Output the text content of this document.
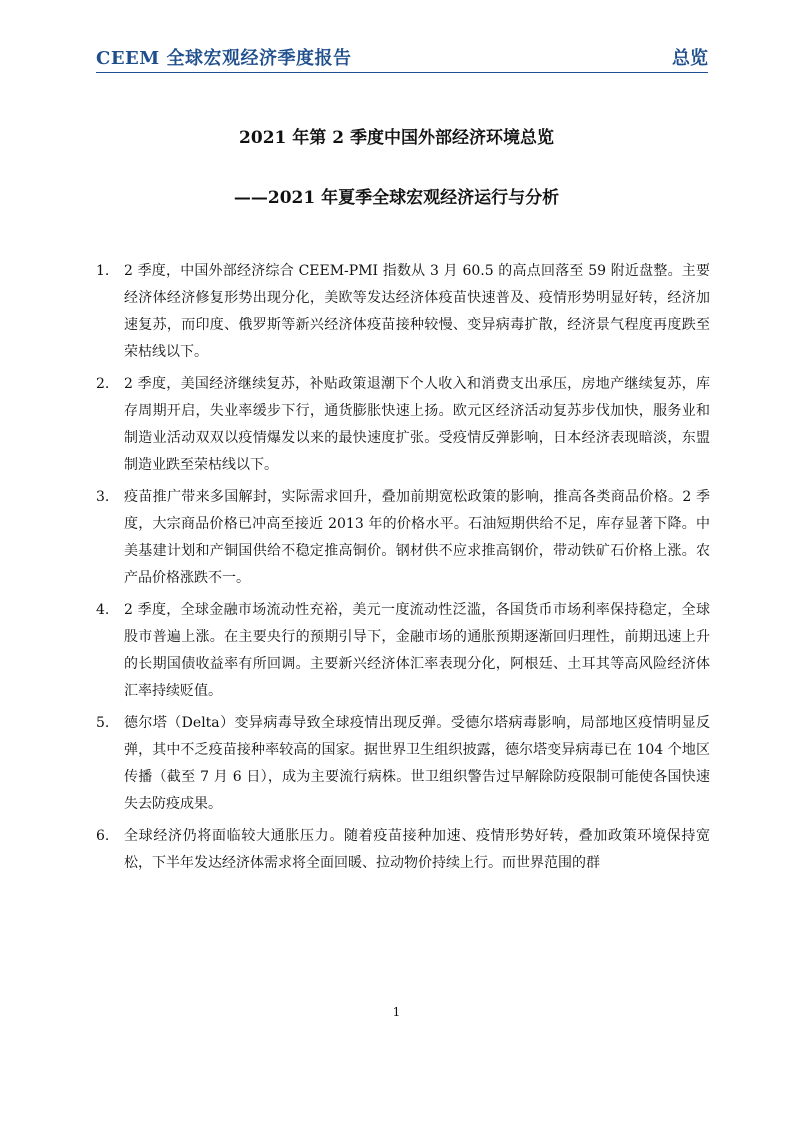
CEEM 全球宏观经济季度报告	总览
2021 年第 2 季度中国外部经济环境总览
——2021 年夏季全球宏观经济运行与分析
1. 2 季度，中国外部经济综合 CEEM-PMI 指数从 3 月 60.5 的高点回落至 59 附近盘整。主要经济体经济修复形势出现分化，美欧等发达经济体疫苗快速普及、疫情形势明显好转，经济加速复苏，而印度、俄罗斯等新兴经济体疫苗接种较慢、变异病毒扩散，经济景气程度再度跌至荣枯线以下。
2. 2 季度，美国经济继续复苏，补贴政策退潮下个人收入和消费支出承压，房地产继续复苏，库存周期开启，失业率缓步下行，通货膨胀快速上扬。欧元区经济活动复苏步伐加快，服务业和制造业活动双双以疫情爆发以来的最快速度扩张。受疫情反弹影响，日本经济表现暗淡，东盟制造业跌至荣枯线以下。
3. 疫苗推广带来多国解封，实际需求回升，叠加前期宽松政策的影响，推高各类商品价格。2 季度，大宗商品价格已冲高至接近 2013 年的价格水平。石油短期供给不足，库存显著下降。中美基建计划和产铜国供给不稳定推高铜价。钢材供不应求推高钢价，带动铁矿石价格上涨。农产品价格涨跌不一。
4. 2 季度，全球金融市场流动性充裕，美元一度流动性泛滥，各国货币市场利率保持稳定，全球股市普遍上涨。在主要央行的预期引导下，金融市场的通胀预期逐渐回归理性，前期迅速上升的长期国债收益率有所回调。主要新兴经济体汇率表现分化，阿根廷、土耳其等高风险经济体汇率持续贬值。
5. 德尔塔（Delta）变异病毒导致全球疫情出现反弹。受德尔塔病毒影响，局部地区疫情明显反弹，其中不乏疫苗接种率较高的国家。据世界卫生组织披露，德尔塔变异病毒已在 104 个地区传播（截至 7 月 6 日），成为主要流行病株。世卫组织警告过早解除防疫限制可能使各国快速失去防疫成果。
6. 全球经济仍将面临较大通胀压力。随着疫苗接种加速、疫情形势好转，叠加政策环境保持宽松，下半年发达经济体需求将全面回暖、拉动物价持续上行。而世界范围的群
1
